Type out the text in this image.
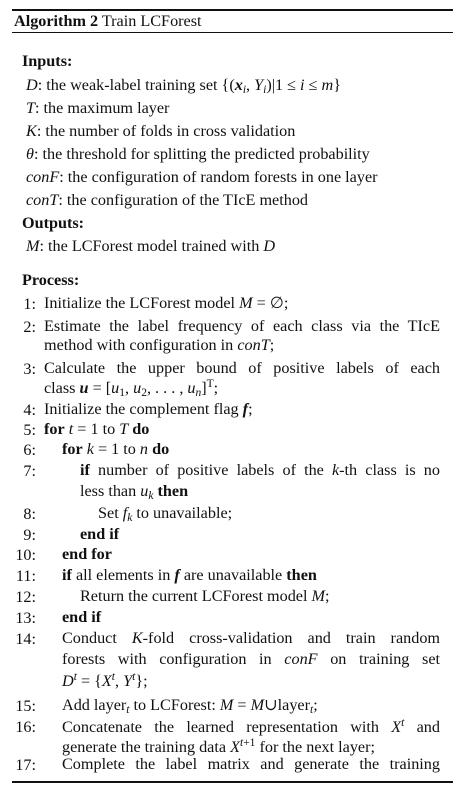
Algorithm 2 Train LCForest
Inputs:
D: the weak-label training set {($x_i$, $Y_i)|1 \le i \le m$}
T: the maximum layer
K: the number of folds in cross validation
θ: the threshold for splitting the predicted probability
conF: the configuration of random forests in one layer
conT: the configuration of the TIcE method
Outputs:
M: the LCForest model trained with D
Process:
1: Initialize the LCForest model M = ∅;
2: Estimate the label frequency of each class via the TIcE
method with configuration in conT;
3: Calculate the upper bound of positive labels of each
class $u = [u_1$, $u_2$, . . . , $u_n]^T$;
4: Initialize the complement flag f;
5: for t = 1 to T do
6: for k = 1 to n do
7:	if number of positive labels of the k-th class is no
less than $u_k$ then
8:	Set $f_k$ to unavailable;
9:	end if
10: end for
11: if all elements in f are unavailable then
12:	Return the current LCForest model M;
13: end if
14: Conduct K-fold cross-validation and train random
forests with configuration in conF on training set
$D^t = \{X^t$, $Y^t$};
15: Add layer$_t$ to LCForest: M = M∪layer$_t$;
16: Concatenate the learned representation with $X^t$ and
generate the training data $X^{t+1}$ for the next layer;
17: Complete the label matrix and generate the training
